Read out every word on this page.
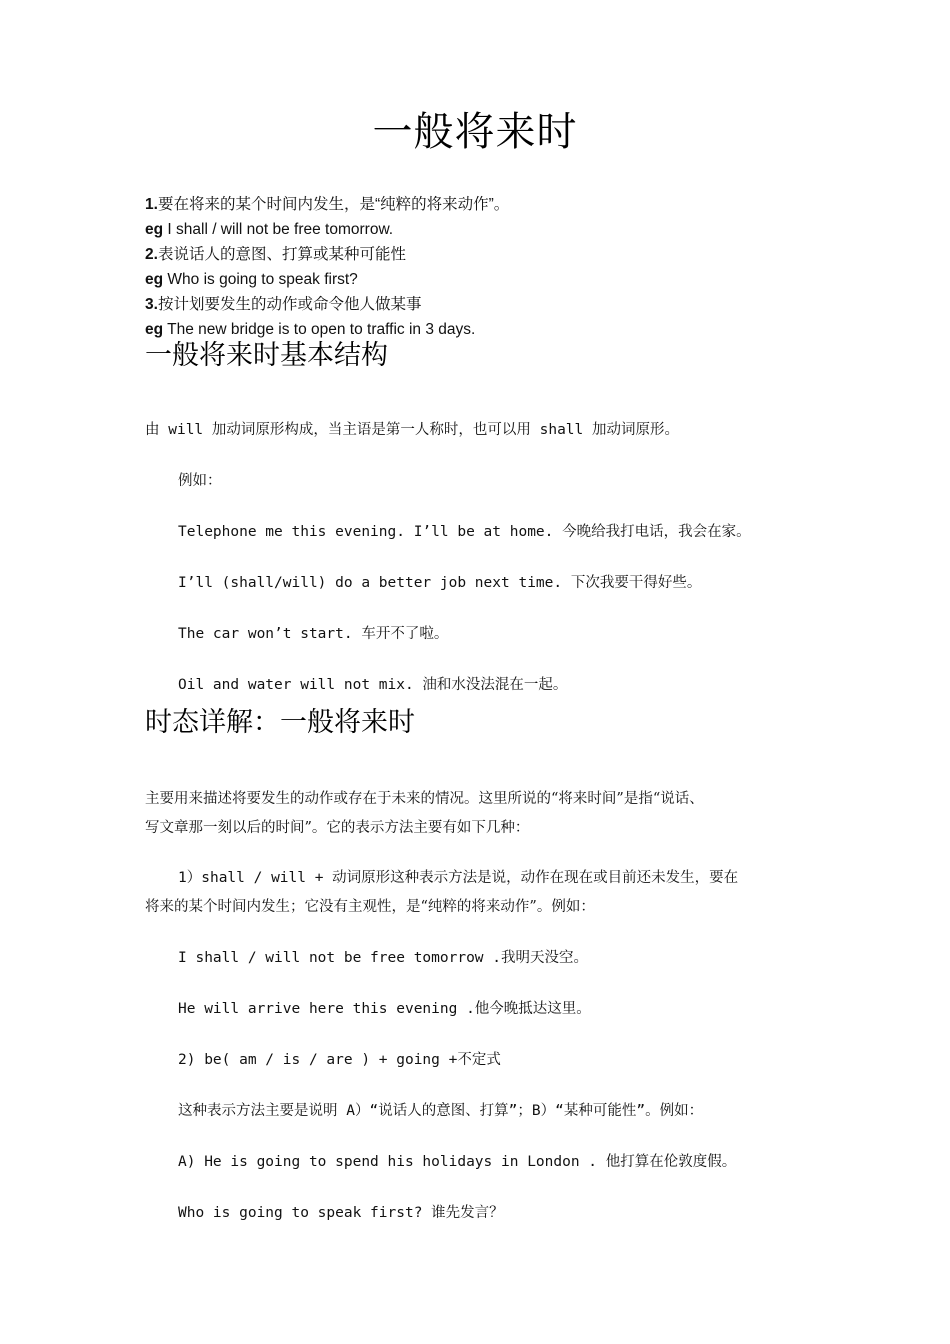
一般将来时
1.要在将来的某个时间内发生，是“纯粹的将来动作”。
eg I shall / will not be free tomorrow.
2.表说话人的意图、打算或某种可能性
eg Who is going to speak first?
3.按计划要发生的动作或命令他人做某事
eg The new bridge is to open to traffic in 3 days.
一般将来时基本结构
由 will 加动词原形构成，当主语是第一人称时，也可以用 shall 加动词原形。
例如：
Telephone me this evening. I’ll be at home. 今晚给我打电话，我会在家。
I’ll (shall/will) do a better job next time. 下次我要干得好些。
The car won’t start. 车开不了啦。
Oil and water will not mix. 油和水没法混在一起。
时态详解：一般将来时
主要用来描述将要发生的动作或存在于未来的情况。这里所说的“将来时间”是指“说话、
写文章那一刻以后的时间”。它的表示方法主要有如下几种：
1）shall / will + 动词原形这种表示方法是说，动作在现在或目前还未发生，要在
将来的某个时间内发生；它没有主观性，是“纯粹的将来动作”。例如：
I shall / will not be free tomorrow .我明天没空。
He will arrive here this evening .他今晚抵达这里。
2) be( am / is / are ) + going +不定式
这种表示方法主要是说明 A）“说话人的意图、打算”；B）“某种可能性”。例如：
A) He is going to spend his holidays in London . 他打算在伦敦度假。
Who is going to speak first? 谁先发言？
